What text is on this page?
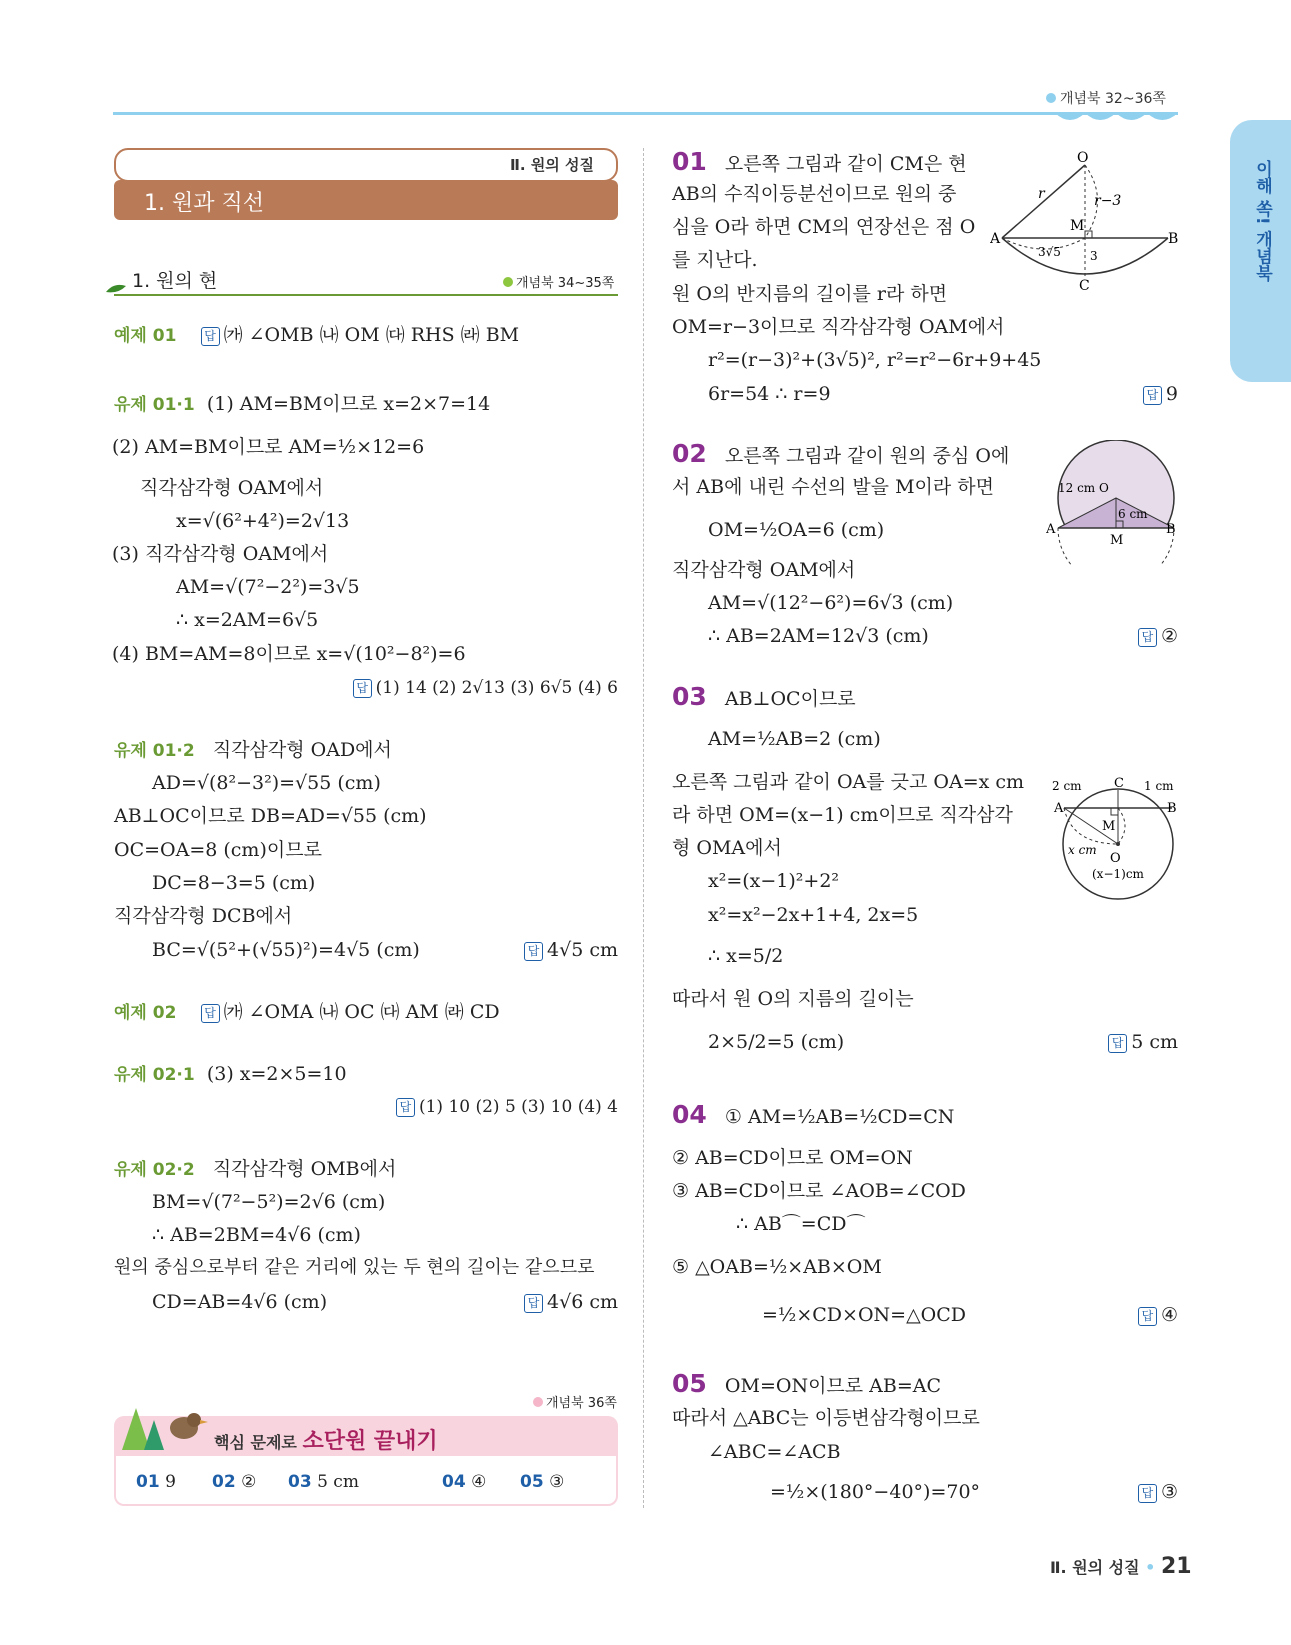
개념북 32~36쪽
이해 쏙! 개념북
Ⅱ. 원의 성질
1. 원과 직선
1. 원의 현	개념북 34~35쪽
예제 01 답 ㈎ ∠OMB ㈏ OM ㈐ RHS ㈑ BM
유제 01·1 (1) AM=BM이므로 x=2×7=14
(2) AM=BM이므로 AM=½×12=6
직각삼각형 OAM에서
x=√(6²+4²)=2√13
(3) 직각삼각형 OAM에서
AM=√(7²−2²)=3√5
∴ x=2AM=6√5
(4) BM=AM=8이므로 x=√(10²−8²)=6
답 (1) 14 (2) 2√13 (3) 6√5 (4) 6
유제 01·2 직각삼각형 OAD에서
AD=√(8²−3²)=√55 (cm)
AB⊥OC이므로 DB=AD=√55 (cm)
OC=OA=8 (cm)이므로
DC=8−3=5 (cm)
직각삼각형 DCB에서
BC=√(5²+(√55)²)=4√5 (cm)	답 4√5 cm
예제 02 답 ㈎ ∠OMA ㈏ OC ㈐ AM ㈑ CD
유제 02·1 (3) x=2×5=10
답 (1) 10 (2) 5 (3) 10 (4) 4
유제 02·2 직각삼각형 OMB에서
BM=√(7²−5²)=2√6 (cm)
∴ AB=2BM=4√6 (cm)
원의 중심으로부터 같은 거리에 있는 두 현의 길이는 같으므로
CD=AB=4√6 (cm)	답 4√6 cm
개념북 36쪽
핵심 문제로 소단원 끝내기
01 9 02 ② 03 5 cm	04 ④ 05 ③
01 오른쪽 그림과 같이 CM은 현
AB의 수직이등분선이므로 원의 중
심을 O라 하면 CM의 연장선은 점 O
를 지난다.
원 O의 반지름의 길이를 r라 하면
OM=r−3이므로 직각삼각형 OAM에서
r²=(r−3)²+(3√5)², r²=r²−6r+9+45
6r=54 ∴ r=9	답 9
02 오른쪽 그림과 같이 원의 중심 O에
서 AB에 내린 수선의 발을 M이라 하면
OM=½OA=6 (cm)
직각삼각형 OAM에서
AM=√(12²−6²)=6√3 (cm)
∴ AB=2AM=12√3 (cm)	답 ②
03 AB⊥OC이므로
AM=½AB=2 (cm)
오른쪽 그림과 같이 OA를 긋고 OA=x cm
라 하면 OM=(x−1) cm이므로 직각삼각
형 OMA에서
x²=(x−1)²+2²
x²=x²−2x+1+4, 2x=5
∴ x=5/2
따라서 원 O의 지름의 길이는
2×5/2=5 (cm)	답 5 cm
04 ① AM=½AB=½CD=CN
② AB=CD이므로 OM=ON
③ AB=CD이므로 ∠AOB=∠COD
∴ AB⌒=CD⌒
⑤ △OAB=½×AB×OM
=½×CD×ON=△OCD	답 ④
05 OM=ON이므로 AB=AC
따라서 △ABC는 이등변삼각형이므로
∠ABC=∠ACB
=½×(180°−40°)=70°	답 ③
O
A	B
C
M
r	r−3
3√5 3
12 cm O
A	B
M
6 cm
A	B
C
M
O
2 cm	1 cm
x cm
(x−1)cm
Ⅱ. 원의 성질 • 21
